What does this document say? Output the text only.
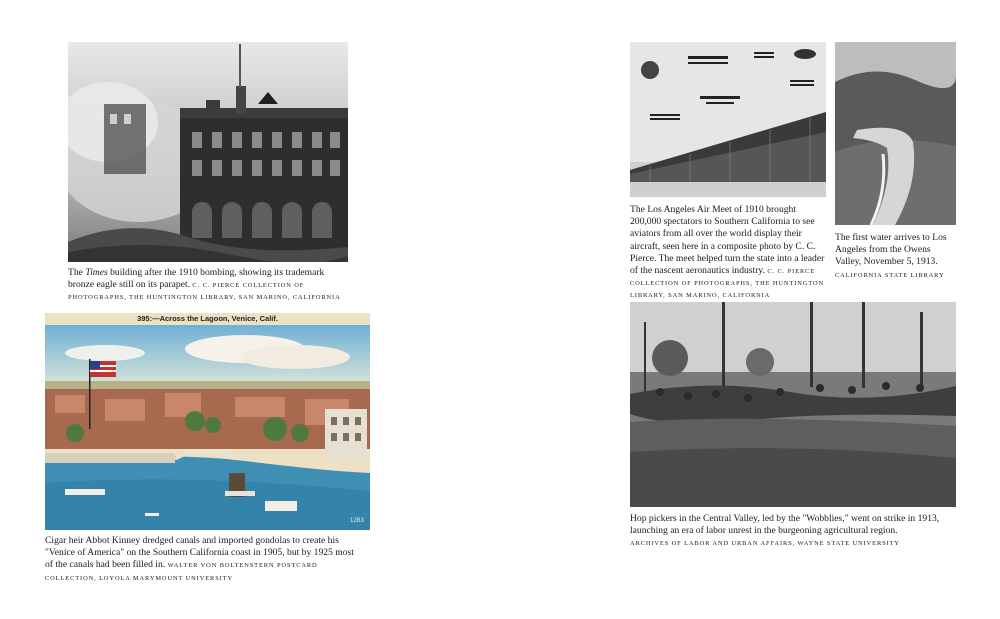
The Times building after the 1910 bombing, showing its trademark bronze eagle still on its parapet. C. C. PIERCE COLLECTION OF PHOTOGRAPHS, THE HUNTINGTON LIBRARY, SAN MARINO, CALIFORNIA
395:—Across the Lagoon, Venice, Calif.
12B3
Cigar heir Abbot Kinney dredged canals and imported gondolas to create his "Venice of America" on the Southern California coast in 1905, but by 1925 most of the canals had been filled in. WALTER VON BOLTENSTERN POSTCARD COLLECTION, LOYOLA MARYMOUNT UNIVERSITY
The Los Angeles Air Meet of 1910 brought 200,000 spectators to Southern California to see aviators from all over the world display their aircraft, seen here in a composite photo by C. C. Pierce. The meet helped turn the state into a leader of the nascent aeronautics industry. C. C. PIERCE COLLECTION OF PHOTOGRAPHS, THE HUNTINGTON LIBRARY, SAN MARINO, CALIFORNIA
The first water arrives to Los Angeles from the Owens Valley, November 5, 1913. CALIFORNIA STATE LIBRARY
Hop pickers in the Central Valley, led by the "Wobblies," went on strike in 1913, launching an era of labor unrest in the burgeoning agricultural region.
ARCHIVES OF LABOR AND URBAN AFFAIRS, WAYNE STATE UNIVERSITY
